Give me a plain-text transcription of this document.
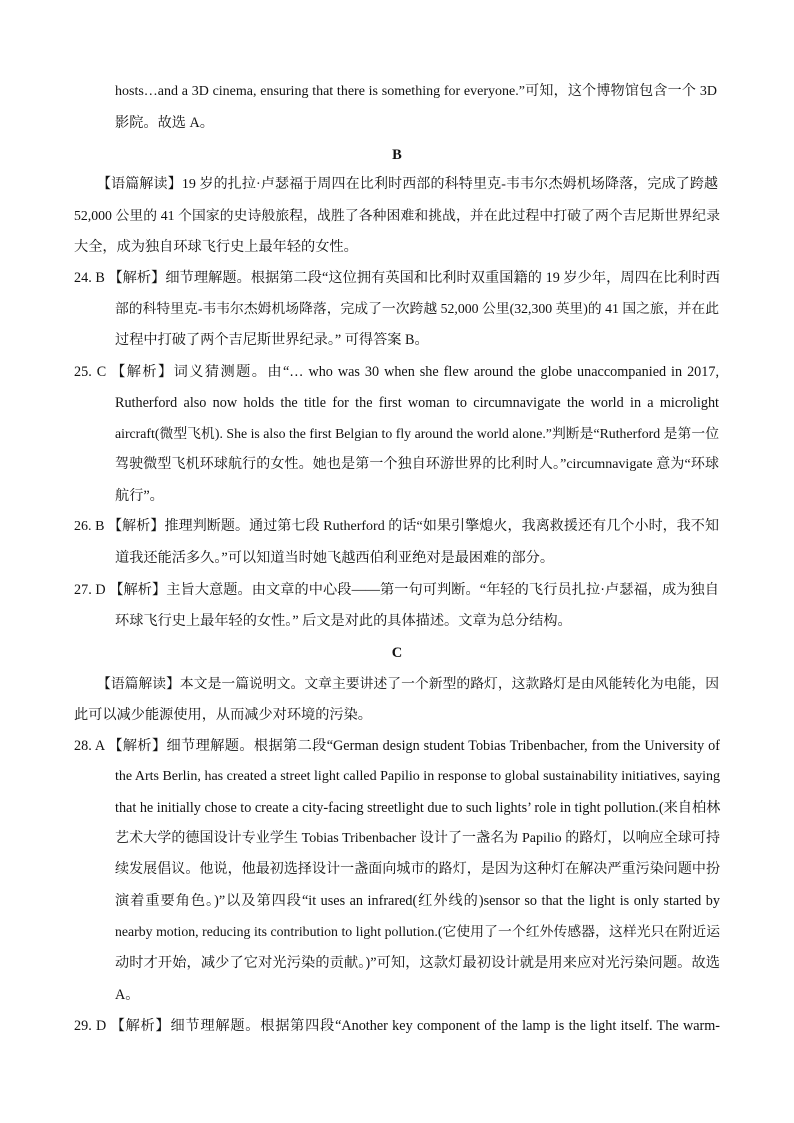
hosts…and a 3D cinema, ensuring that there is something for everyone.”可知，这个博物馆包含一个 3D
影院。故选 A。
B
【语篇解读】19 岁的扎拉·卢瑟福于周四在比利时西部的科特里克-韦韦尔杰姆机场降落，完成了跨越
52,000 公里的 41 个国家的史诗般旅程，战胜了各种困难和挑战，并在此过程中打破了两个吉尼斯世界纪录
大全，成为独自环球飞行史上最年轻的女性。
24. B 【解析】细节理解题。根据第二段“这位拥有英国和比利时双重国籍的 19 岁少年，周四在比利时西
部的科特里克-韦韦尔杰姆机场降落，完成了一次跨越 52,000 公里(32,300 英里)的 41 国之旅，并在此
过程中打破了两个吉尼斯世界纪录。” 可得答案 B。
25. C 【解析】词义猜测题。由“… who was 30 when she flew around the globe unaccompanied in 2017,
Rutherford also now holds the title for the first woman to circumnavigate the world in a microlight
aircraft(微型飞机). She is also the first Belgian to fly around the world alone.”判断是“Rutherford 是第一位
驾驶微型飞机环球航行的女性。她也是第一个独自环游世界的比利时人。”circumnavigate 意为“环球
航行”。
26. B 【解析】推理判断题。通过第七段 Rutherford 的话“如果引擎熄火，我离救援还有几个小时，我不知
道我还能活多久。”可以知道当时她飞越西伯利亚绝对是最困难的部分。
27. D 【解析】主旨大意题。由文章的中心段——第一句可判断。“年轻的飞行员扎拉·卢瑟福，成为独自
环球飞行史上最年轻的女性。” 后文是对此的具体描述。文章为总分结构。
C
【语篇解读】本文是一篇说明文。文章主要讲述了一个新型的路灯，这款路灯是由风能转化为电能，因
此可以减少能源使用，从而减少对环境的污染。
28. A 【解析】细节理解题。根据第二段“German design student Tobias Tribenbacher, from the University of
the Arts Berlin, has created a street light called Papilio in response to global sustainability initiatives, saying
that he initially chose to create a city-facing streetlight due to such lights’ role in tight pollution.(来自柏林
艺术大学的德国设计专业学生 Tobias Tribenbacher 设计了一盏名为 Papilio 的路灯，以响应全球可持
续发展倡议。他说，他最初选择设计一盏面向城市的路灯，是因为这种灯在解决严重污染问题中扮
演着重要角色。)”以及第四段“it uses an infrared(红外线的)sensor so that the light is only started by
nearby motion, reducing its contribution to light pollution.(它使用了一个红外传感器，这样光只在附近运
动时才开始，减少了它对光污染的贡献。)”可知，这款灯最初设计就是用来应对光污染问题。故选
A。
29. D 【解析】细节理解题。根据第四段“Another key component of the lamp is the light itself. The warm-
